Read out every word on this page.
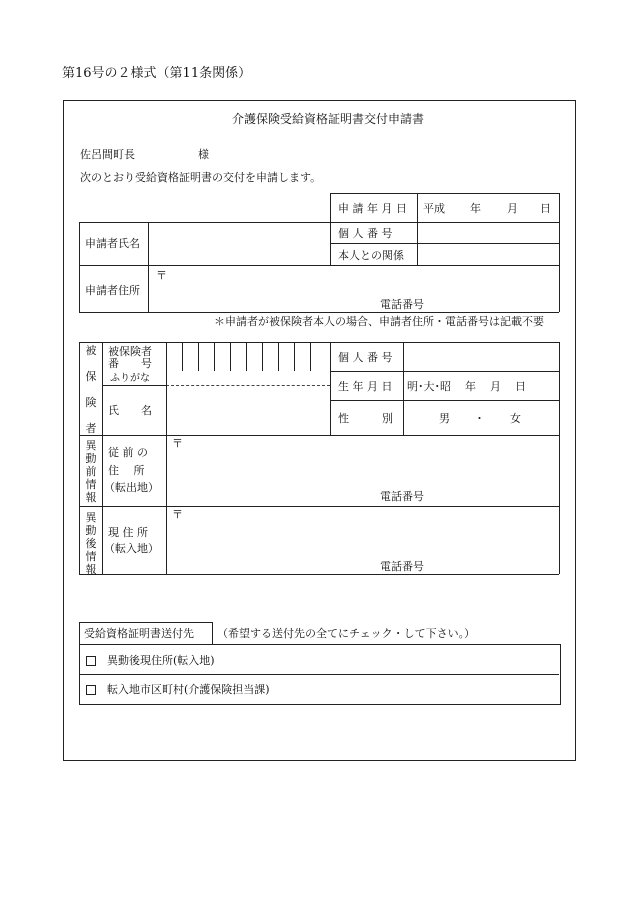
第16号の２様式（第11条関係）
介護保険受給資格証明書交付申請書
佐呂間町長	様
次のとおり受給資格証明書の交付を申請します。
申 請 年 月 日 平成 年 月 日
申請者氏名
個 人 番 号
本人との関係
申請者住所
〒
電話番号
＊申請者が被保険者本人の場合、申請者住所・電話番号は記載不要
被
保
険
者
異
動
前
情
報
異
動
後
情
報
被保険者
番　　号
ふりがな
氏　　名
個 人 番 号
生 年 月 日 明･大･昭 年 月 日
性　　　別	男 ・ 女
従 前 の
住　 所
（転出地）
〒
電話番号
現 住 所
（転入地）
〒
電話番号
受給資格証明書送付先 （希望する送付先の全てにチェック・して下さい。）
異動後現住所(転入地)
転入地市区町村(介護保険担当課)
